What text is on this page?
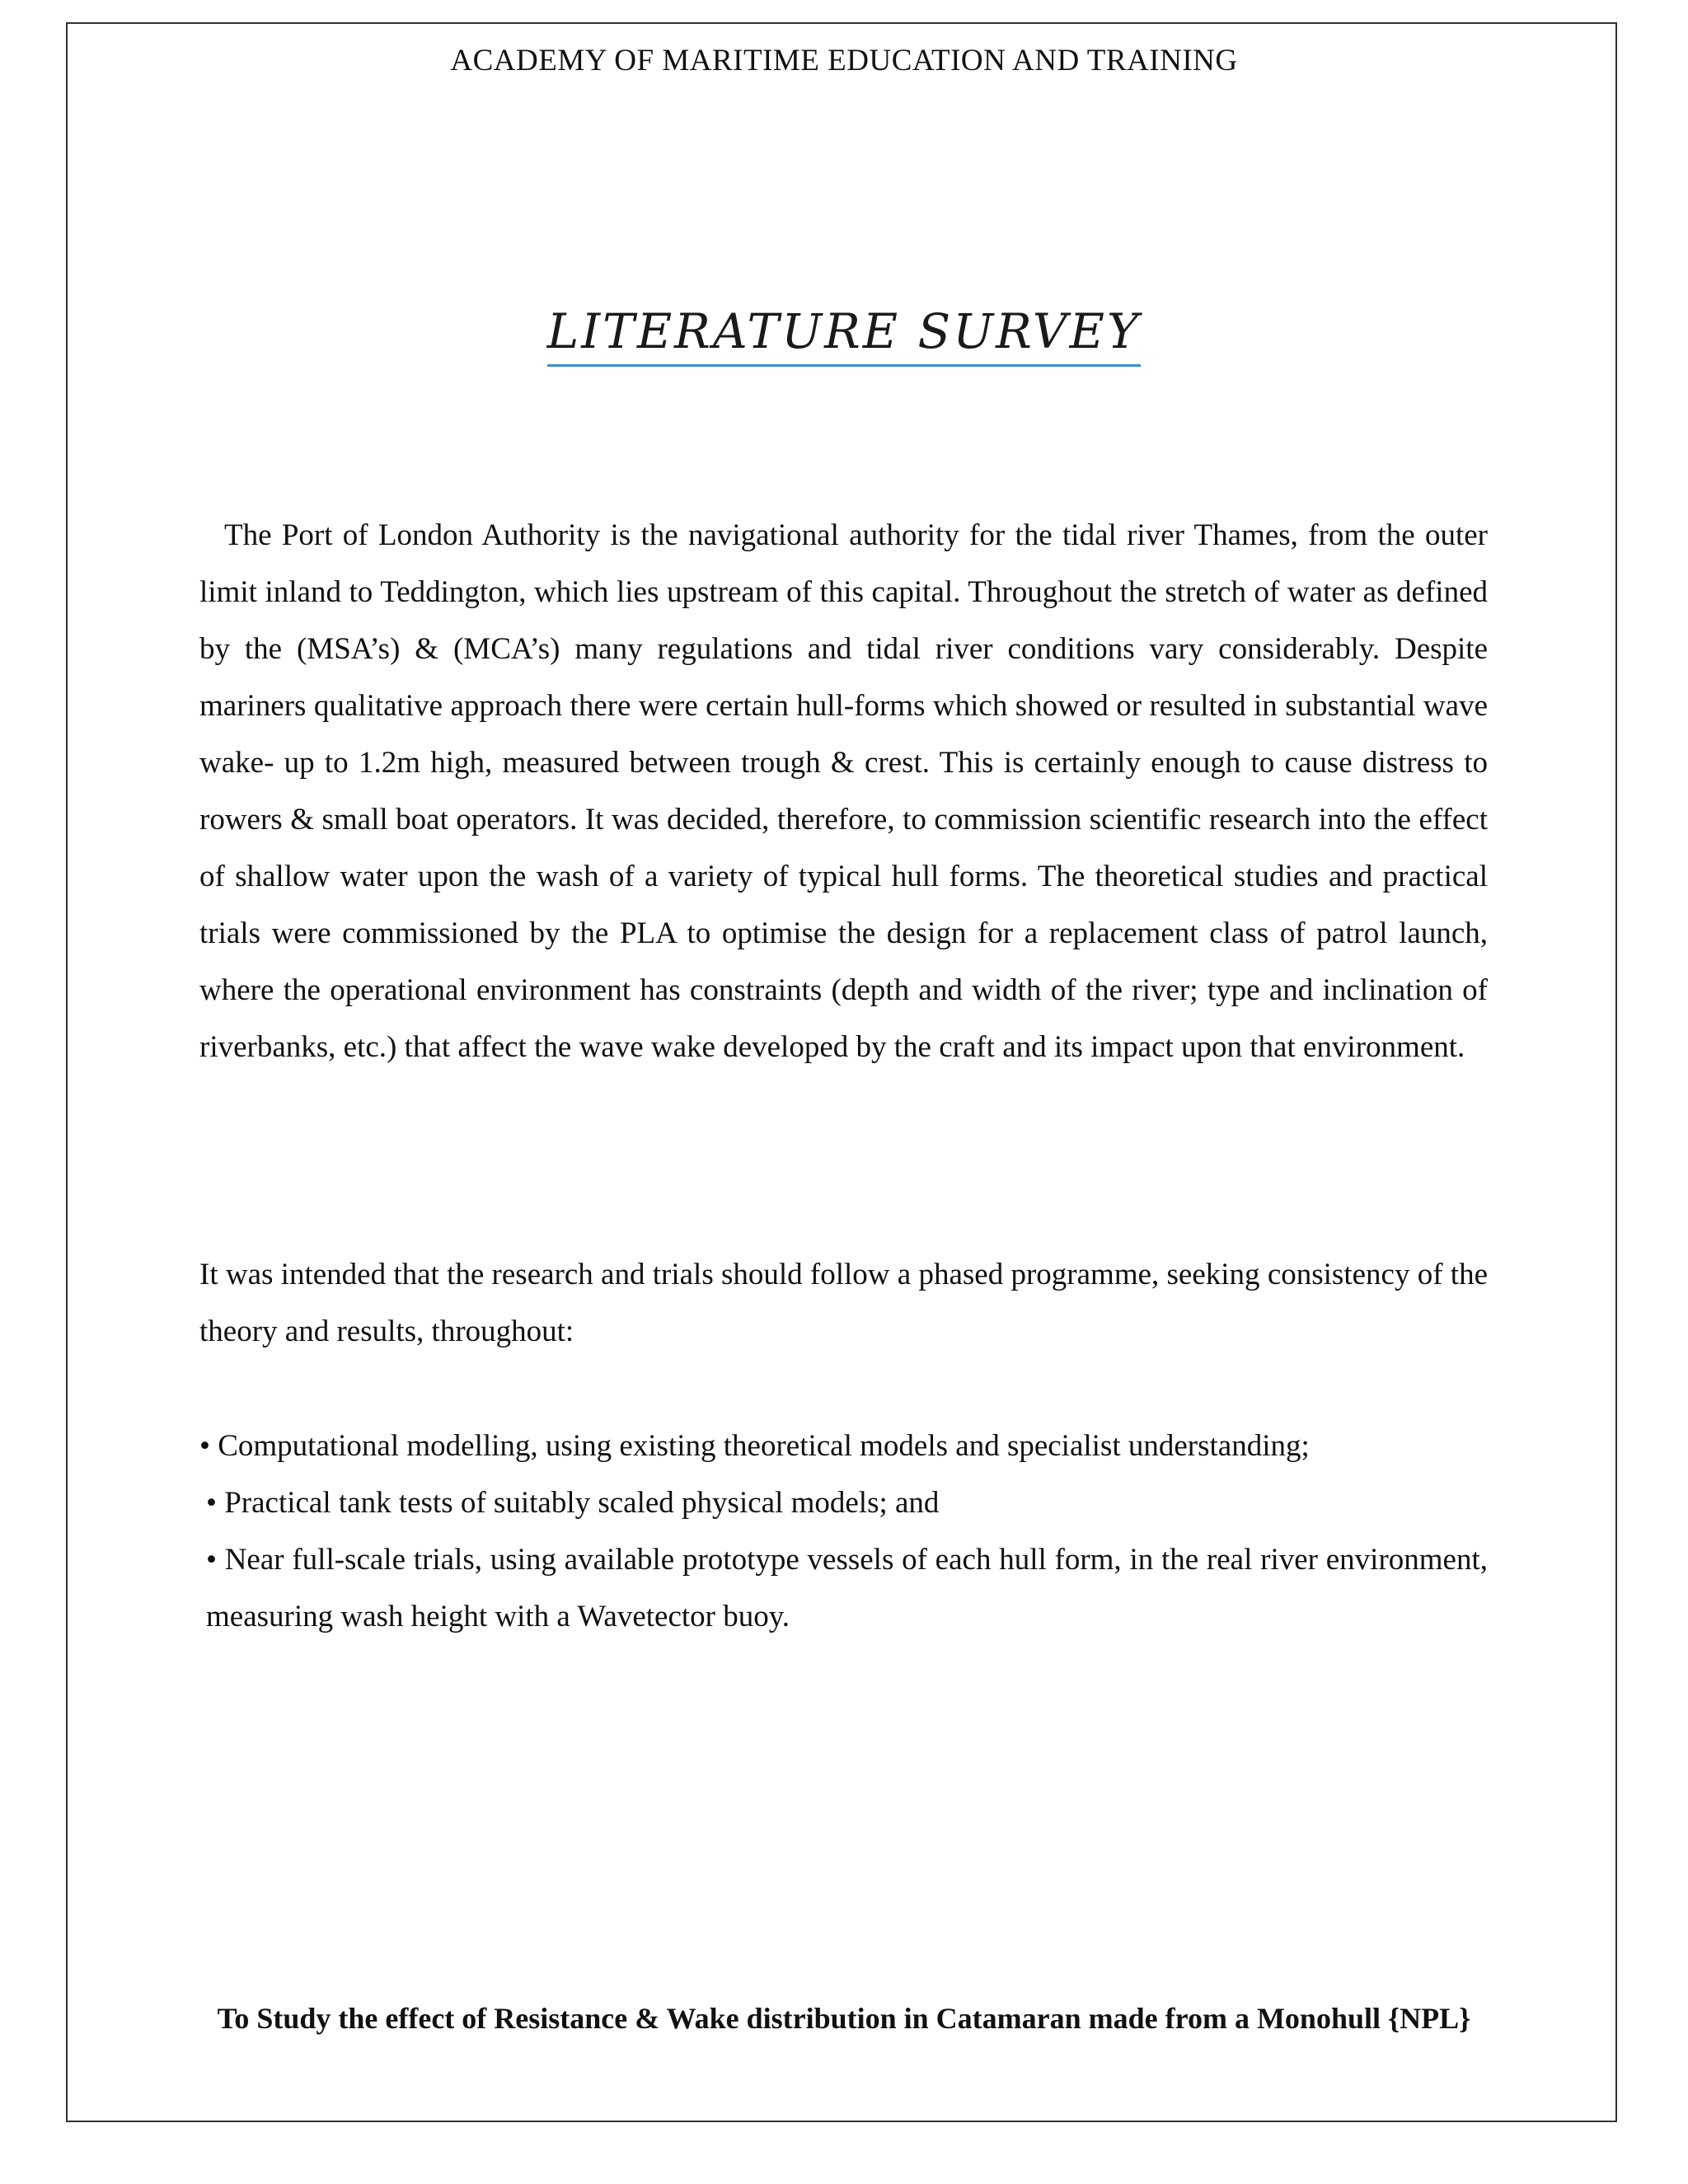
ACADEMY OF MARITIME EDUCATION AND TRAINING
LITERATURE SURVEY

The Port of London Authority is the navigational authority for the tidal river Thames, from the outer limit inland to Teddington, which lies upstream of this capital. Throughout the stretch of water as defined by the (MSA’s) & (MCA’s) many regulations and tidal river conditions vary considerably. Despite mariners qualitative approach there were certain hull-forms which showed or resulted in substantial wave wake- up to 1.2m high, measured between trough & crest. This is certainly enough to cause distress to rowers & small boat operators. It was decided, therefore, to commission scientific research into the effect of shallow water upon the wash of a variety of typical hull forms. The theoretical studies and practical trials were commissioned by the PLA to optimise the design for a replacement class of patrol launch, where the operational environment has constraints (depth and width of the river; type and inclination of riverbanks, etc.) that affect the wave wake developed by the craft and its impact upon that environment.

It was intended that the research and trials should follow a phased programme, seeking consistency of the theory and results, throughout:

• Computational modelling, using existing theoretical models and specialist understanding;
• Practical tank tests of suitably scaled physical models; and
• Near full-scale trials, using available prototype vessels of each hull form, in the real river environment, measuring wash height with a Wavetector buoy.
To Study the effect of Resistance & Wake distribution in Catamaran made from a Monohull {NPL}
